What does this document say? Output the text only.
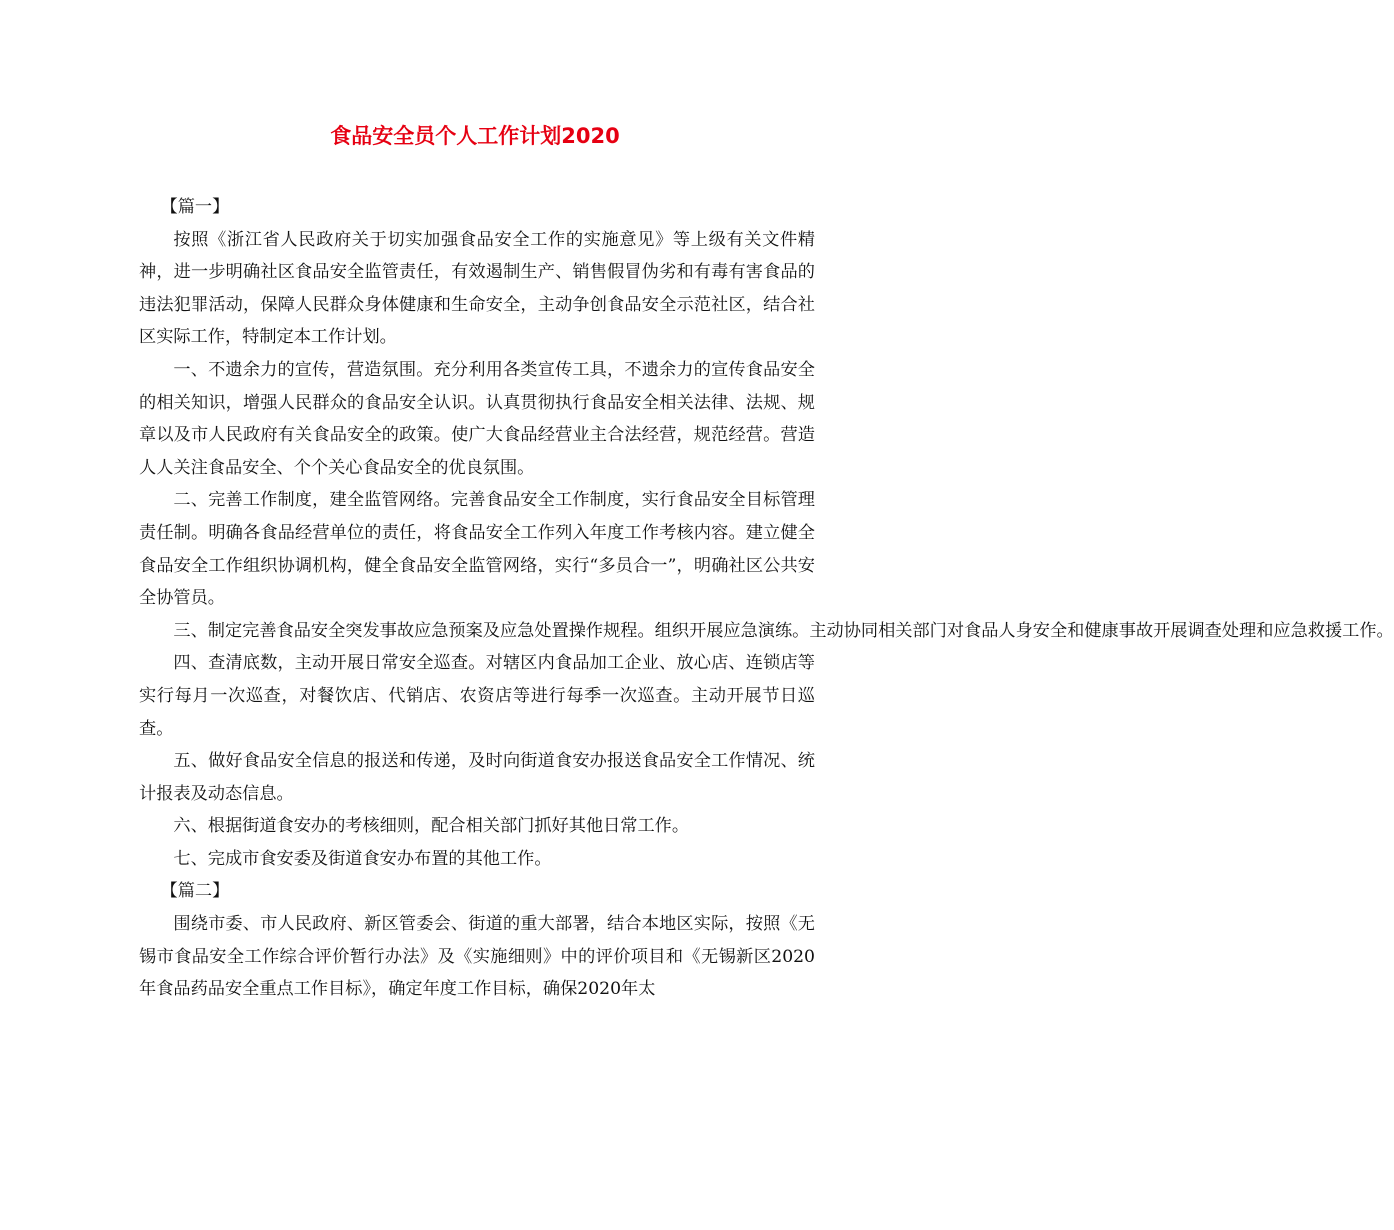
食品安全员个人工作计划2020

【篇一】

按照《浙江省人民政府关于切实加强食品安全工作的实施意见》等上级有关文件精神，进一步明确社区食品安全监管责任，有效遏制生产、销售假冒伪劣和有毒有害食品的违法犯罪活动，保障人民群众身体健康和生命安全，主动争创食品安全示范社区，结合社区实际工作，特制定本工作计划。

一、不遗余力的宣传，营造氛围。充分利用各类宣传工具，不遗余力的宣传食品安全的相关知识，增强人民群众的食品安全认识。认真贯彻执行食品安全相关法律、法规、规章以及市人民政府有关食品安全的政策。使广大食品经营业主合法经营，规范经营。营造人人关注食品安全、个个关心食品安全的优良氛围。

二、完善工作制度，建全监管网络。完善食品安全工作制度，实行食品安全目标管理责任制。明确各食品经营单位的责任，将食品安全工作列入年度工作考核内容。建立健全食品安全工作组织协调机构，健全食品安全监管网络，实行“多员合一”，明确社区公共安全协管员。

三、制定完善食品安全突发事故应急预案及应急处置操作规程。组织开展应急演练。主动协同相关部门对食品人身安全和健康事故开展调查处理和应急救援工作。

四、查清底数，主动开展日常安全巡查。对辖区内食品加工企业、放心店、连锁店等实行每月一次巡查，对餐饮店、代销店、农资店等进行每季一次巡查。主动开展节日巡查。

五、做好食品安全信息的报送和传递，及时向街道食安办报送食品安全工作情况、统计报表及动态信息。

六、根据街道食安办的考核细则，配合相关部门抓好其他日常工作。

七、完成市食安委及街道食安办布置的其他工作。

【篇二】

围绕市委、市人民政府、新区管委会、街道的重大部署，结合本地区实际，按照《无锡市食品安全工作综合评价暂行办法》及《实施细则》中的评价项目和《无锡新区2020年食品药品安全重点工作目标》，确定年度工作目标，确保2020年太
